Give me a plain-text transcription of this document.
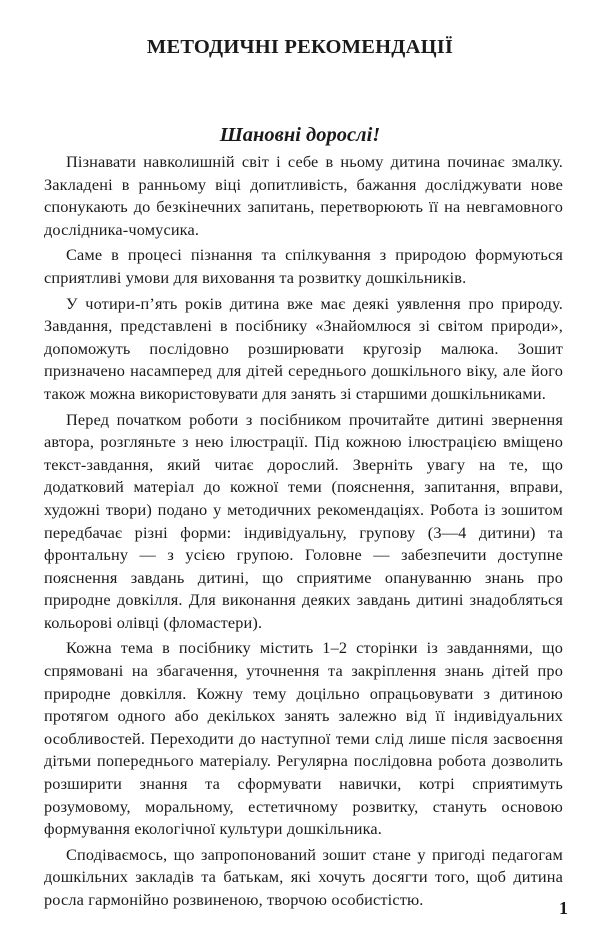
МЕТОДИЧНІ РЕКОМЕНДАЦІЇ
Шановні дорослі!

Пізнавати навколишній світ і себе в ньому дитина починає змалку. Закладені в ранньому віці допитливість, бажання досліджувати нове спонукають до безкінечних запитань, перетворюють її на невгамовного дослідника-чомусика.

Саме в процесі пізнання та спілкування з природою формуються сприятливі умови для виховання та розвитку дошкільників.

У чотири-п’ять років дитина вже має деякі уявлення про природу. Завдання, представлені в посібнику «Знайомлюся зі світом природи», допоможуть послідовно розширювати кругозір малюка. Зошит призначено насамперед для дітей середнього дошкільного віку, але його також можна використовувати для занять зі старшими дошкільниками.

Перед початком роботи з посібником прочитайте дитині звернення автора, розгляньте з нею ілюстрації. Під кожною ілюстрацією вміщено текст-завдання, який читає дорослий. Зверніть увагу на те, що додатковий матеріал до кожної теми (пояснення, запитання, вправи, художні твори) подано у методичних рекомендаціях. Робота із зошитом передбачає різні форми: індивідуальну, групову (3—4 дитини) та фронтальну — з усією групою. Головне — забезпечити доступне пояснення завдань дитині, що сприятиме опануванню знань про природне довкілля. Для виконання деяких завдань дитині знадобляться кольорові олівці (фломастери).

Кожна тема в посібнику містить 1–2 сторінки із завданнями, що спрямовані на збагачення, уточнення та закріплення знань дітей про природне довкілля. Кожну тему доцільно опрацьовувати з дитиною протягом одного або декількох занять залежно від її індивідуальних особливостей. Переходити до наступної теми слід лише після засвоєння дітьми попереднього матеріалу. Регулярна послідовна робота дозволить розширити знання та сформувати навички, котрі сприятимуть розумовому, моральному, естетичному розвитку, стануть основою формування екологічної культури дошкільника.

Сподіваємось, що запропонований зошит стане у пригоді педагогам дошкільних закладів та батькам, які хочуть досягти того, щоб дитина росла гармонійно розвиненою, творчою особистістю.	1
